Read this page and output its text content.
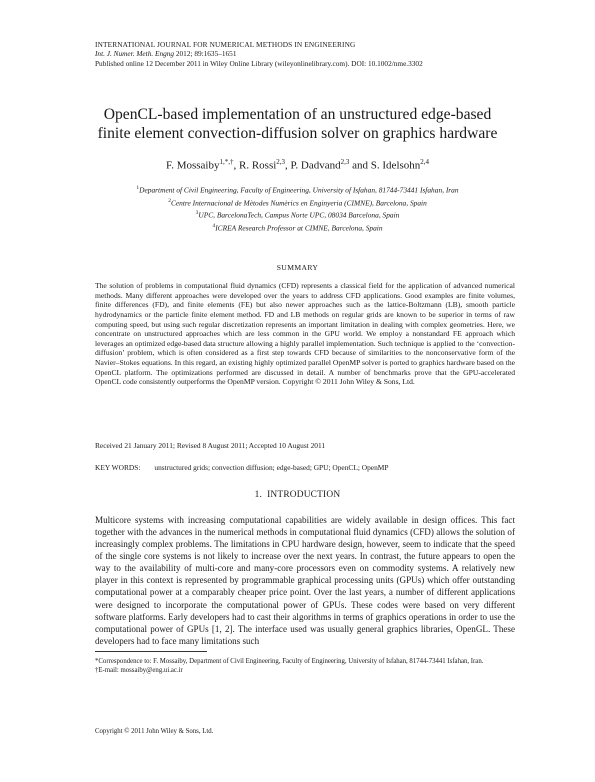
INTERNATIONAL JOURNAL FOR NUMERICAL METHODS IN ENGINEERING
Int. J. Numer. Meth. Engng 2012; 89:1635–1651
Published online 12 December 2011 in Wiley Online Library (wileyonlinelibrary.com). DOI: 10.1002/nme.3302
OpenCL-based implementation of an unstructured edge-based
finite element convection-diffusion solver on graphics hardware
F. Mossaiby$^{1,*,\dagger}$, R. Rossi$^{2,3}$, P. Dadvand$^{2,3}$ and S. Idelsohn$^{2,4}$
$^1$Department of Civil Engineering, Faculty of Engineering, University of Isfahan, 81744-73441 Isfahan, Iran
$^2$Centre Internacional de Mètodes Numèrics en Enginyeria (CIMNE), Barcelona, Spain
$^3$UPC, BarcelonaTech, Campus Norte UPC, 08034 Barcelona, Spain
$^4$ICREA Research Professor at CIMNE, Barcelona, Spain
SUMMARY
The solution of problems in computational fluid dynamics (CFD) represents a classical field for the application of advanced numerical methods. Many different approaches were developed over the years to address CFD applications. Good examples are finite volumes, finite differences (FD), and finite elements (FE) but also newer approaches such as the lattice-Boltzmann (LB), smooth particle hydrodynamics or the particle finite element method. FD and LB methods on regular grids are known to be superior in terms of raw computing speed, but using such regular discretization represents an important limitation in dealing with complex geometries. Here, we concentrate on unstructured approaches which are less common in the GPU world. We employ a nonstandard FE approach which leverages an optimized edge-based data structure allowing a highly parallel implementation. Such technique is applied to the ‘convection-diffusion’ problem, which is often considered as a first step towards CFD because of similarities to the nonconservative form of the Navier–Stokes equations. In this regard, an existing highly optimized parallel OpenMP solver is ported to graphics hardware based on the OpenCL platform. The optimizations performed are discussed in detail. A number of benchmarks prove that the GPU-accelerated OpenCL code consistently outperforms the OpenMP version. Copyright © 2011 John Wiley & Sons, Ltd.
Received 21 January 2011; Revised 8 August 2011; Accepted 10 August 2011
KEY WORDS: unstructured grids; convection diffusion; edge-based; GPU; OpenCL; OpenMP
1. INTRODUCTION
Multicore systems with increasing computational capabilities are widely available in design offices. This fact together with the advances in the numerical methods in computational fluid dynamics (CFD) allows the solution of increasingly complex problems. The limitations in CPU hardware design, however, seem to indicate that the speed of the single core systems is not likely to increase over the next years. In contrast, the future appears to open the way to the availability of multi-core and many-core processors even on commodity systems. A relatively new player in this context is represented by programmable graphical processing units (GPUs) which offer outstanding computational power at a comparably cheaper price point. Over the last years, a number of different applications were designed to incorporate the computational power of GPUs. These codes were based on very different software platforms. Early developers had to cast their algorithms in terms of graphics operations in order to use the computational power of GPUs [1, 2]. The interface used was usually general graphics libraries, OpenGL. These developers had to face many limitations such
*Correspondence to: F. Mossaiby, Department of Civil Engineering, Faculty of Engineering, University of Isfahan, 81744-73441 Isfahan, Iran.
†E-mail: mossaiby@eng.ui.ac.ir
Copyright © 2011 John Wiley & Sons, Ltd.
